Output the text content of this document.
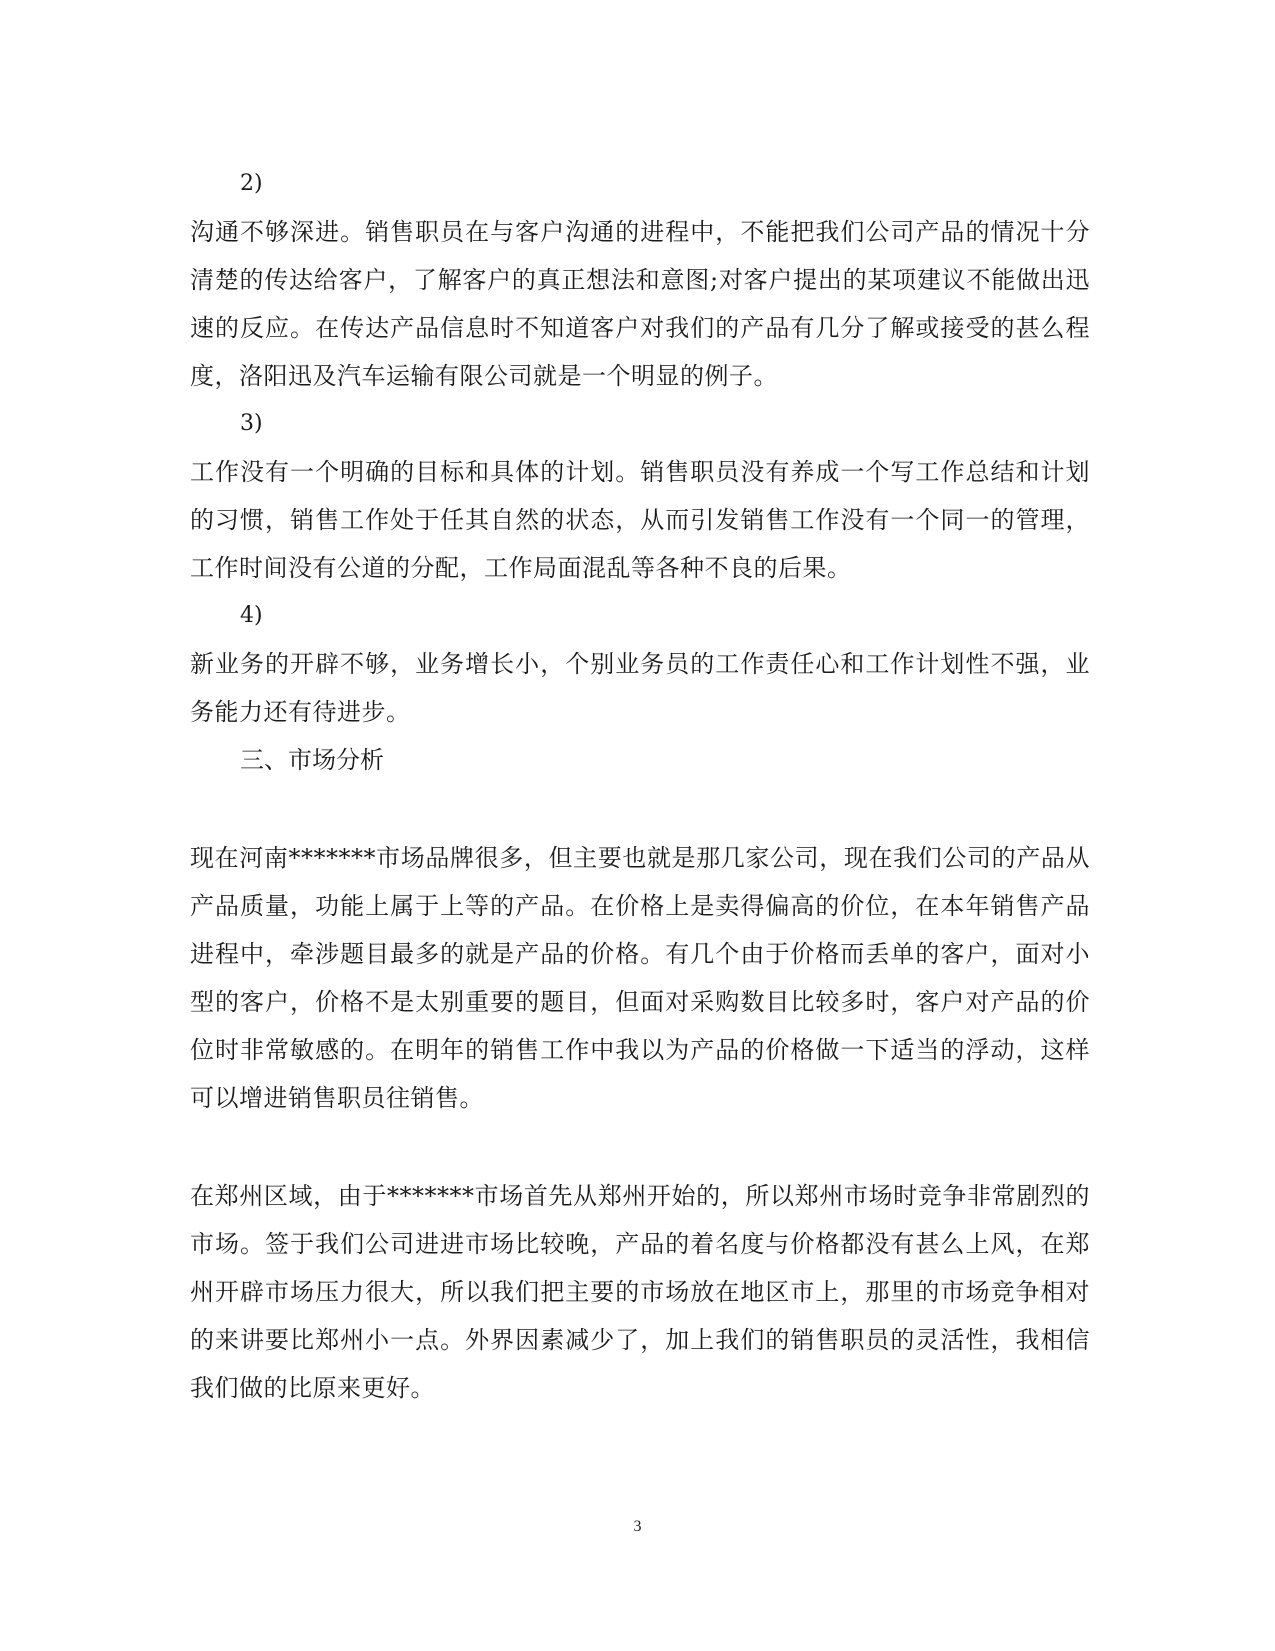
2)

沟通不够深进。销售职员在与客户沟通的进程中，不能把我们公司产品的情况十分清楚的传达给客户，了解客户的真正想法和意图;对客户提出的某项建议不能做出迅速的反应。在传达产品信息时不知道客户对我们的产品有几分了解或接受的甚么程度，洛阳迅及汽车运输有限公司就是一个明显的例子。

3)

工作没有一个明确的目标和具体的计划。销售职员没有养成一个写工作总结和计划的习惯，销售工作处于任其自然的状态，从而引发销售工作没有一个同一的管理，工作时间没有公道的分配，工作局面混乱等各种不良的后果。

4)

新业务的开辟不够，业务增长小，个别业务员的工作责任心和工作计划性不强，业务能力还有待进步。

三、市场分析

现在河南*******市场品牌很多，但主要也就是那几家公司，现在我们公司的产品从产品质量，功能上属于上等的产品。在价格上是卖得偏高的价位，在本年销售产品进程中，牵涉题目最多的就是产品的价格。有几个由于价格而丢单的客户，面对小型的客户，价格不是太别重要的题目，但面对采购数目比较多时，客户对产品的价位时非常敏感的。在明年的销售工作中我以为产品的价格做一下适当的浮动，这样可以增进销售职员往销售。

在郑州区域，由于*******市场首先从郑州开始的，所以郑州市场时竞争非常剧烈的市场。签于我们公司进进市场比较晚，产品的着名度与价格都没有甚么上风，在郑州开辟市场压力很大，所以我们把主要的市场放在地区市上，那里的市场竞争相对的来讲要比郑州小一点。外界因素减少了，加上我们的销售职员的灵活性，我相信我们做的比原来更好。

3
